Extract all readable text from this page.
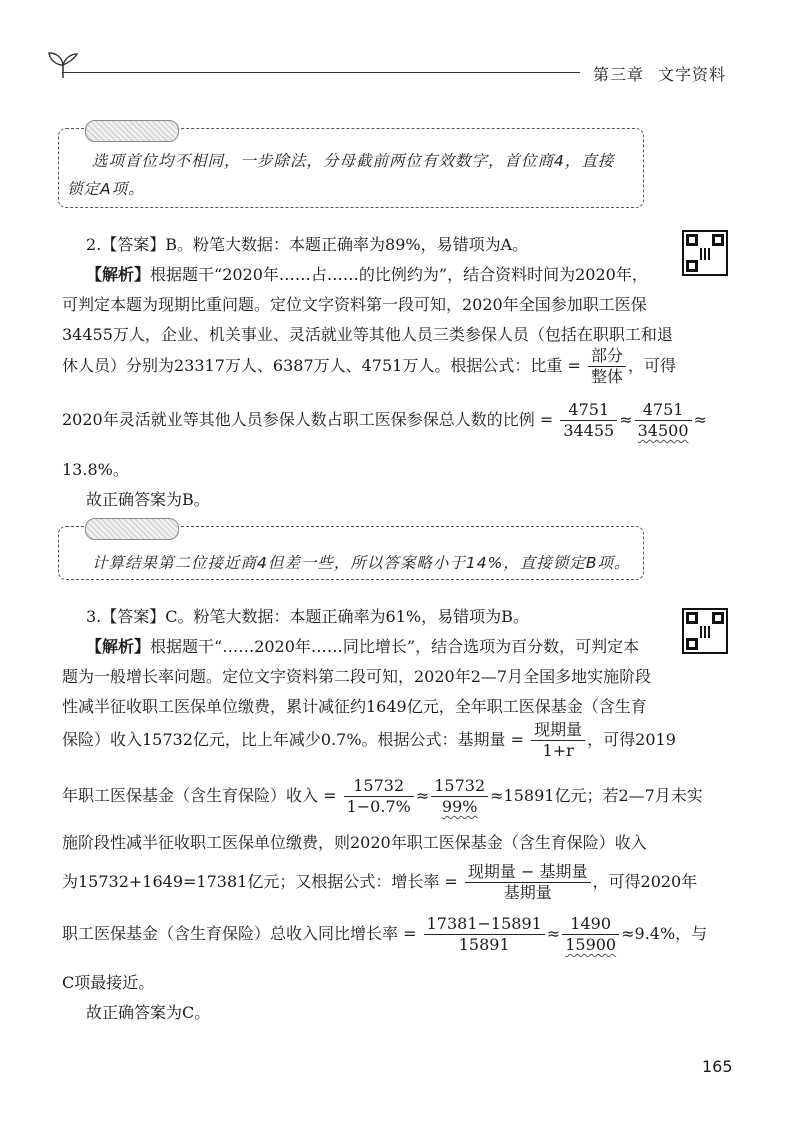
第三章 文字资料
选项首位均不相同，一步除法，分母截前两位有效数字，首位商4，直接
锁定A项。
2.【答案】B。粉笔大数据：本题正确率为89%，易错项为A。
【解析】根据题干“2020年……占……的比例约为”，结合资料时间为2020年，
可判定本题为现期比重问题。定位文字资料第一段可知，2020年全国参加职工医保
34455万人，企业、机关事业、灵活就业等其他人员三类参保人员（包括在职职工和退
休人员）分别为23317万人、6387万人、4751万人。根据公式：比重 = $\frac{\text{部分}}{\text{整体}}$ ，可得
2020年灵活就业等其他人员参保人数占职工医保参保总人数的比例 = $\frac{4751}{34455} \approx \frac{4751}{34500}$ ≈
13.8%。
故正确答案为B。
计算结果第二位接近商4但差一些，所以答案略小于14%，直接锁定B项。
3.【答案】C。粉笔大数据：本题正确率为61%，易错项为B。
【解析】根据题干“……2020年……同比增长”，结合选项为百分数，可判定本
题为一般增长率问题。定位文字资料第二段可知，2020年2—7月全国多地实施阶段
性减半征收职工医保单位缴费，累计减征约1649亿元，全年职工医保基金（含生育
保险）收入15732亿元，比上年减少0.7%。根据公式：基期量 = $\frac{\text{现期量}}{1+r}$ ，可得2019
年职工医保基金（含生育保险）收入 = $\frac{15732}{1-0.7\%} \approx \frac{15732}{99\%} \approx 15891$亿元；若2—7月未实
施阶段性减半征收职工医保单位缴费，则2020年职工医保基金（含生育保险）收入
为15732+1649=17381亿元；又根据公式：增长率 = $\frac{\text{现期量 − 基期量}}{\text{基期量}}$ ，可得2020年
职工医保基金（含生育保险）总收入同比增长率 = $\frac{17381-15891}{15891} \approx \frac{1490}{15900} \approx 9.4\%$，与
C项最接近。
故正确答案为C。
165
